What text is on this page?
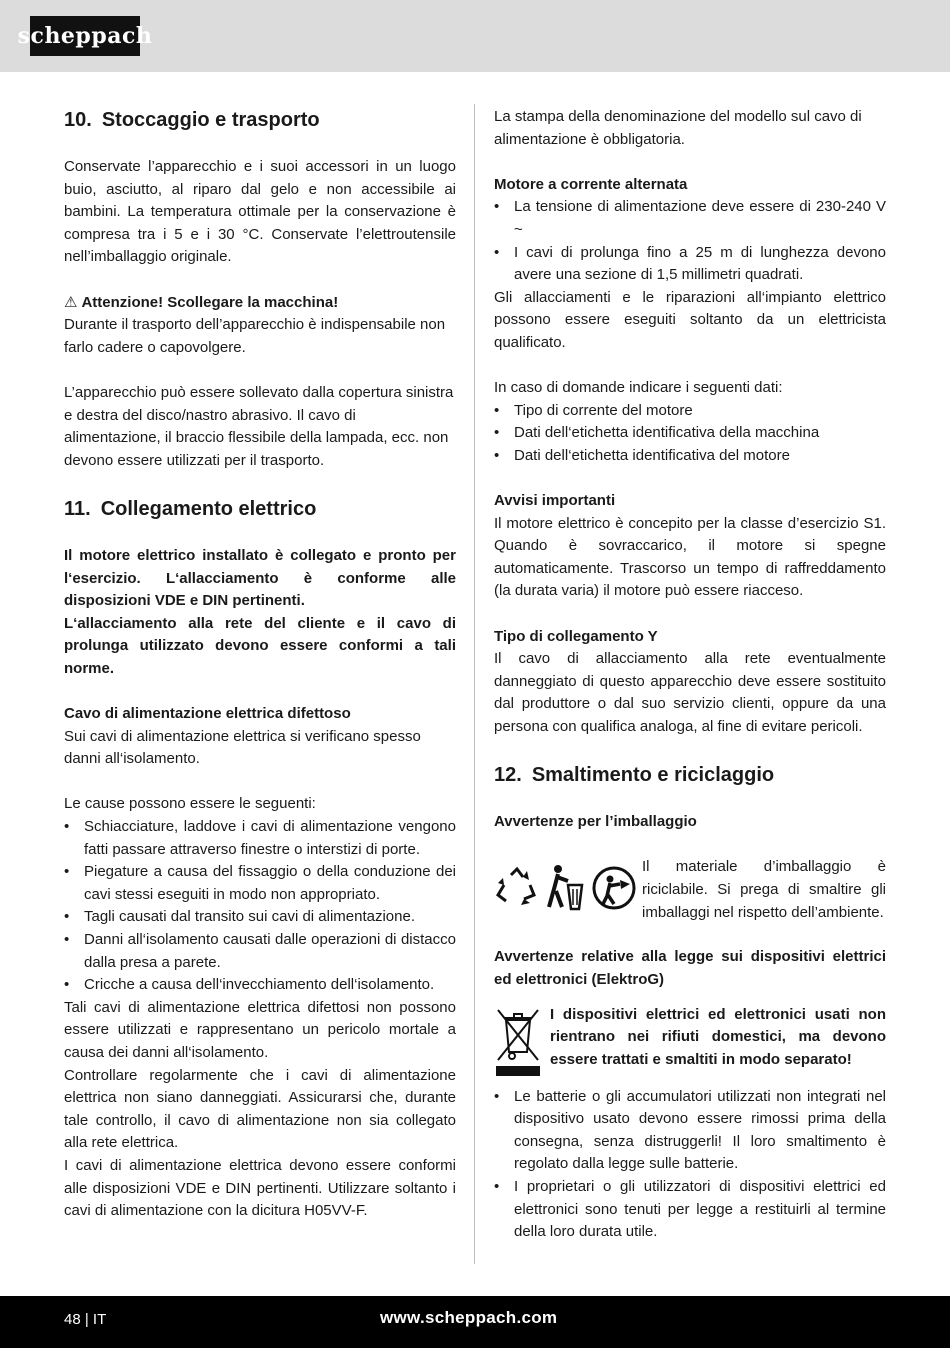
scheppach
10. Stoccaggio e trasporto

Conservate l’apparecchio e i suoi accessori in un luogo buio, asciutto, al riparo dal gelo e non accessibile ai bambini. La temperatura ottimale per la conservazione è compresa tra i 5 e i 30 °C. Conservate l’elettroutensile nell’imballaggio originale.

⚠ Attenzione! Scollegare la macchina!

Durante il trasporto dell’apparecchio è indispensabile non farlo cadere o capovolgere.

L’apparecchio può essere sollevato dalla copertura sinistra e destra del disco/nastro abrasivo. Il cavo di alimentazione, il braccio flessibile della lampada, ecc. non devono essere utilizzati per il trasporto.

11. Collegamento elettrico

Il motore elettrico installato è collegato e pronto per l‘esercizio. L‘allacciamento è conforme alle disposizioni VDE e DIN pertinenti.

L‘allacciamento alla rete del cliente e il cavo di prolunga utilizzato devono essere conformi a tali norme.

Cavo di alimentazione elettrica difettoso

Sui cavi di alimentazione elettrica si verificano spesso danni all‘isolamento.

Le cause possono essere le seguenti:

• Schiacciature, laddove i cavi di alimentazione vengono fatti passare attraverso finestre o interstizi di porte.
• Piegature a causa del fissaggio o della conduzione dei cavi stessi eseguiti in modo non appropriato.
• Tagli causati dal transito sui cavi di alimentazione.
• Danni all‘isolamento causati dalle operazioni di distacco dalla presa a parete.
• Cricche a causa dell‘invecchiamento dell‘isolamento.

Tali cavi di alimentazione elettrica difettosi non possono essere utilizzati e rappresentano un pericolo mortale a causa dei danni all‘isolamento.

Controllare regolarmente che i cavi di alimentazione elettrica non siano danneggiati. Assicurarsi che, durante tale controllo, il cavo di alimentazione non sia collegato alla rete elettrica.

I cavi di alimentazione elettrica devono essere conformi alle disposizioni VDE e DIN pertinenti. Utilizzare soltanto i cavi di alimentazione con la dicitura H05VV-F.

La stampa della denominazione del modello sul cavo di alimentazione è obbligatoria.

Motore a corrente alternata

• La tensione di alimentazione deve essere di 230-240 V ~
• I cavi di prolunga fino a 25 m di lunghezza devono avere una sezione di 1,5 millimetri quadrati.

Gli allacciamenti e le riparazioni all‘impianto elettrico possono essere eseguiti soltanto da un elettricista qualificato.

In caso di domande indicare i seguenti dati:

• Tipo di corrente del motore
• Dati dell‘etichetta identificativa della macchina
• Dati dell‘etichetta identificativa del motore

Avvisi importanti

Il motore elettrico è concepito per la classe d’esercizio S1. Quando è sovraccarico, il motore si spegne automaticamente. Trascorso un tempo di raffreddamento (la durata varia) il motore può essere riacceso.

Tipo di collegamento Y

Il cavo di allacciamento alla rete eventualmente danneggiato di questo apparecchio deve essere sostituito dal produttore o dal suo servizio clienti, oppure da una persona con qualifica analoga, al fine di evitare pericoli.

12. Smaltimento e riciclaggio

Avvertenze per l’imballaggio

Il materiale d’imballaggio è riciclabile. Si prega di smaltire gli imballaggi nel rispetto dell’ambiente.

Avvertenze relative alla legge sui dispositivi elettrici ed elettronici (ElektroG)

I dispositivi elettrici ed elettronici usati non rientrano nei rifiuti domestici, ma devono essere trattati e smaltiti in modo separato!

• Le batterie o gli accumulatori utilizzati non integrati nel dispositivo usato devono essere rimossi prima della consegna, senza distruggerli! Il loro smaltimento è regolato dalla legge sulle batterie.
• I proprietari o gli utilizzatori di dispositivi elettrici ed elettronici sono tenuti per legge a restituirli al termine della loro durata utile.
48 | IT	www.scheppach.com
